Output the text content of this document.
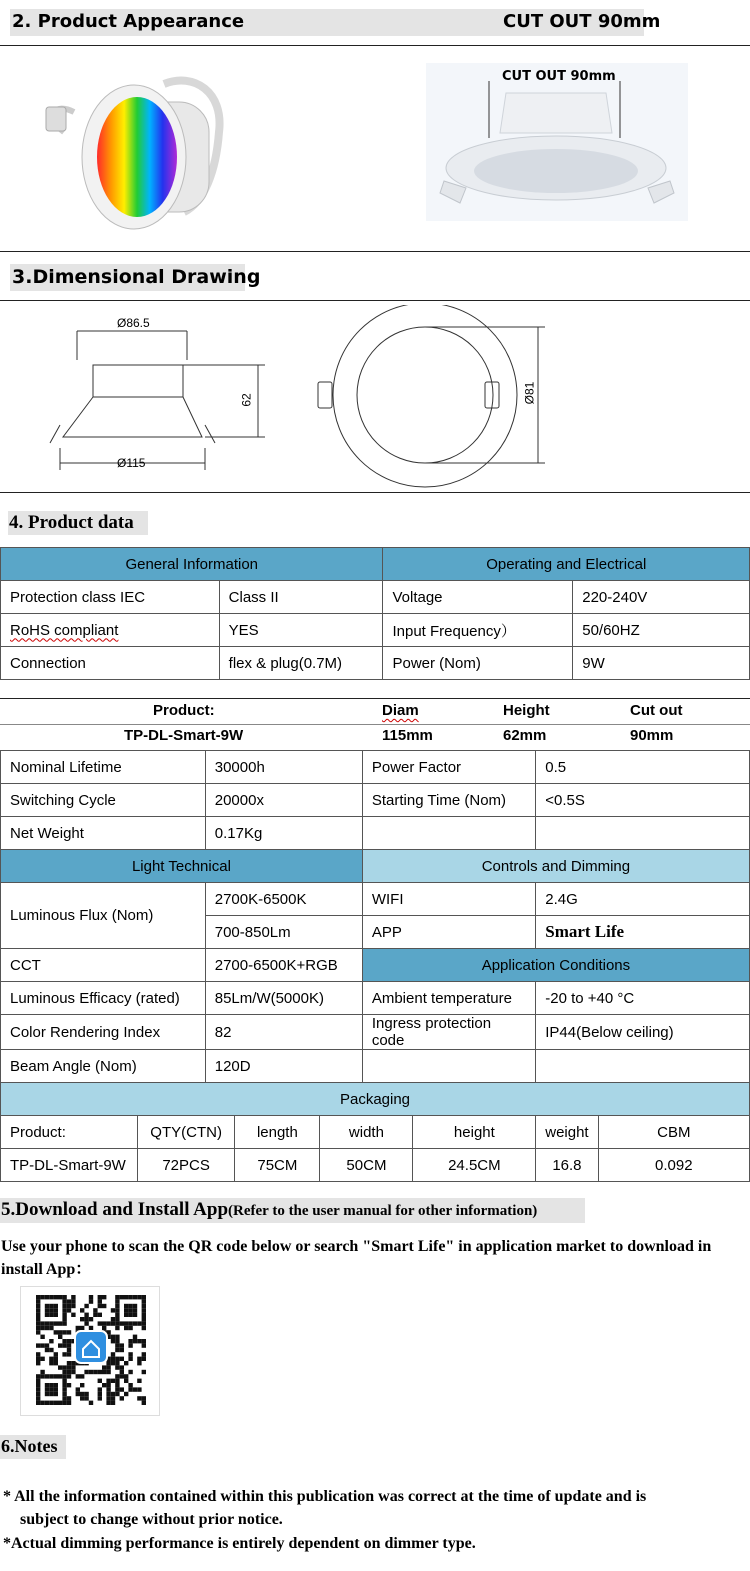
2. Product Appearance	CUT OUT 90mm
CUT OUT 90mm
3.Dimensional Drawing
Ø86.5
62
Ø115
Ø81
4. Product data
General Information		Operating and Electrical	
Protection class IEC	Class II	Voltage	220-240V
RoHS compliant	YES	Input Frequency）	50/60HZ
Connection	flex & plug(0.7M)	Power (Nom)	9W
Product:	Diam	Height	Cut out
TP-DL-Smart-9W	115mm	62mm	90mm
Nominal Lifetime		30000h			Power Factor		0.5	
Switching Cycle		20000x			Starting Time (Nom)		<0.5S	
Net Weight		0.17Kg						
Light Technical					Controls and Dimming			
Luminous Flux (Nom)		2700K-6500K			WIFI		2.4G	
		700-850Lm			APP		Smart Life	
CCT		2700-6500K+RGB			Application Conditions			
Luminous Efficacy (rated)		85Lm/W(5000K)			Ambient temperature		-20 to +40 °C	
Color Rendering Index		82			Ingress protection code		IP44(Below ceiling)	
Beam Angle (Nom)		120D						
Packaging								
Product:	QTY(CTN)		length	width		height	weight	CBM
TP-DL-Smart-9W	72PCS		75CM	50CM		24.5CM	16.8	0.092
5.Download and Install App(Refer to the user manual for other information)
Use your phone to scan the QR code below or search "Smart Life" in application market to download in install App：
6.Notes
* All the information contained within this publication was correct at the time of update and is
subject to change without prior notice.
*Actual dimming performance is entirely dependent on dimmer type.
